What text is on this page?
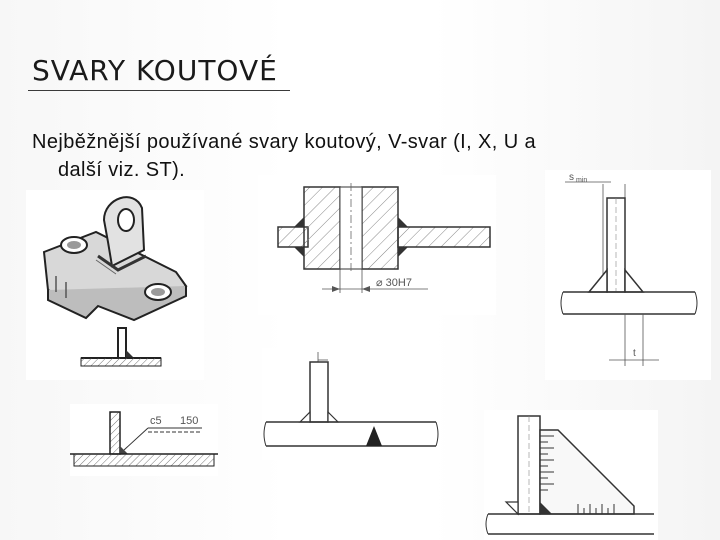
SVARY KOUTOVÉ
Nejběžnější používané svary koutový, V-svar (I, X, U a
další viz. ST).
c5 150
⌀ 30H7
s min
t
